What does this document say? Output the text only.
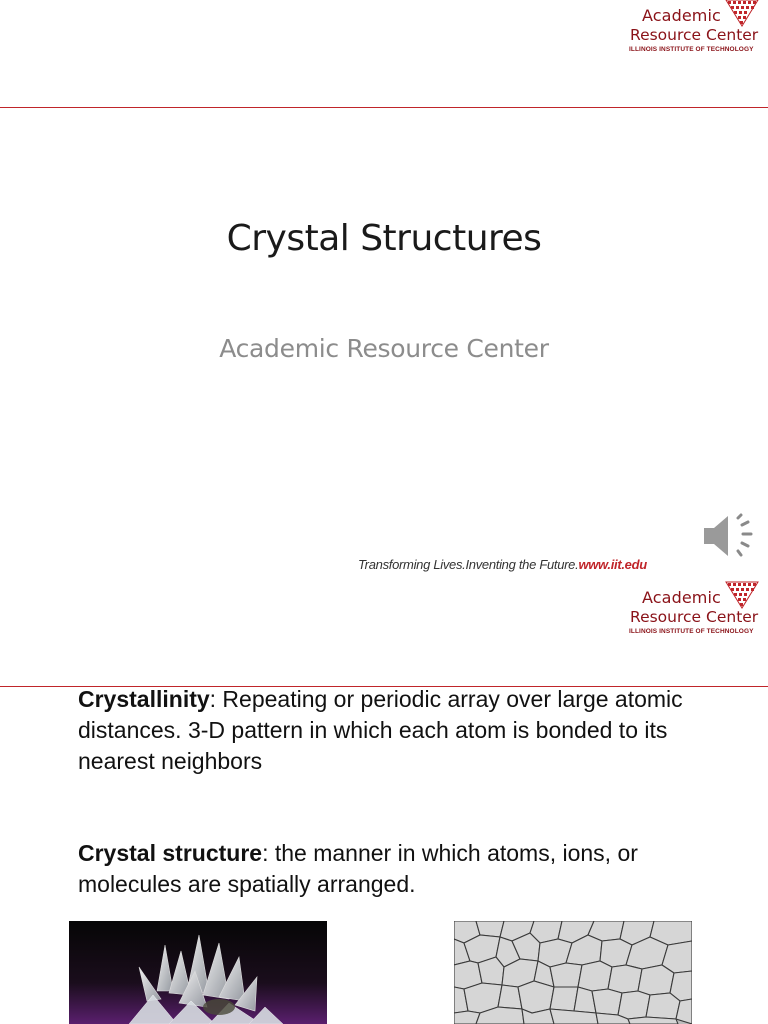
Academic
Resource Center
ILLINOIS INSTITUTE OF TECHNOLOGY
Crystal Structures
Academic Resource Center
Transforming Lives.Inventing the Future.www.iit.edu
Academic
Resource Center
ILLINOIS INSTITUTE OF TECHNOLOGY
Crystallinity: Repeating or periodic array over large atomic distances. 3-D pattern in which each atom is bonded to its nearest neighbors
Crystal structure: the manner in which atoms, ions, or molecules are spatially arranged.
